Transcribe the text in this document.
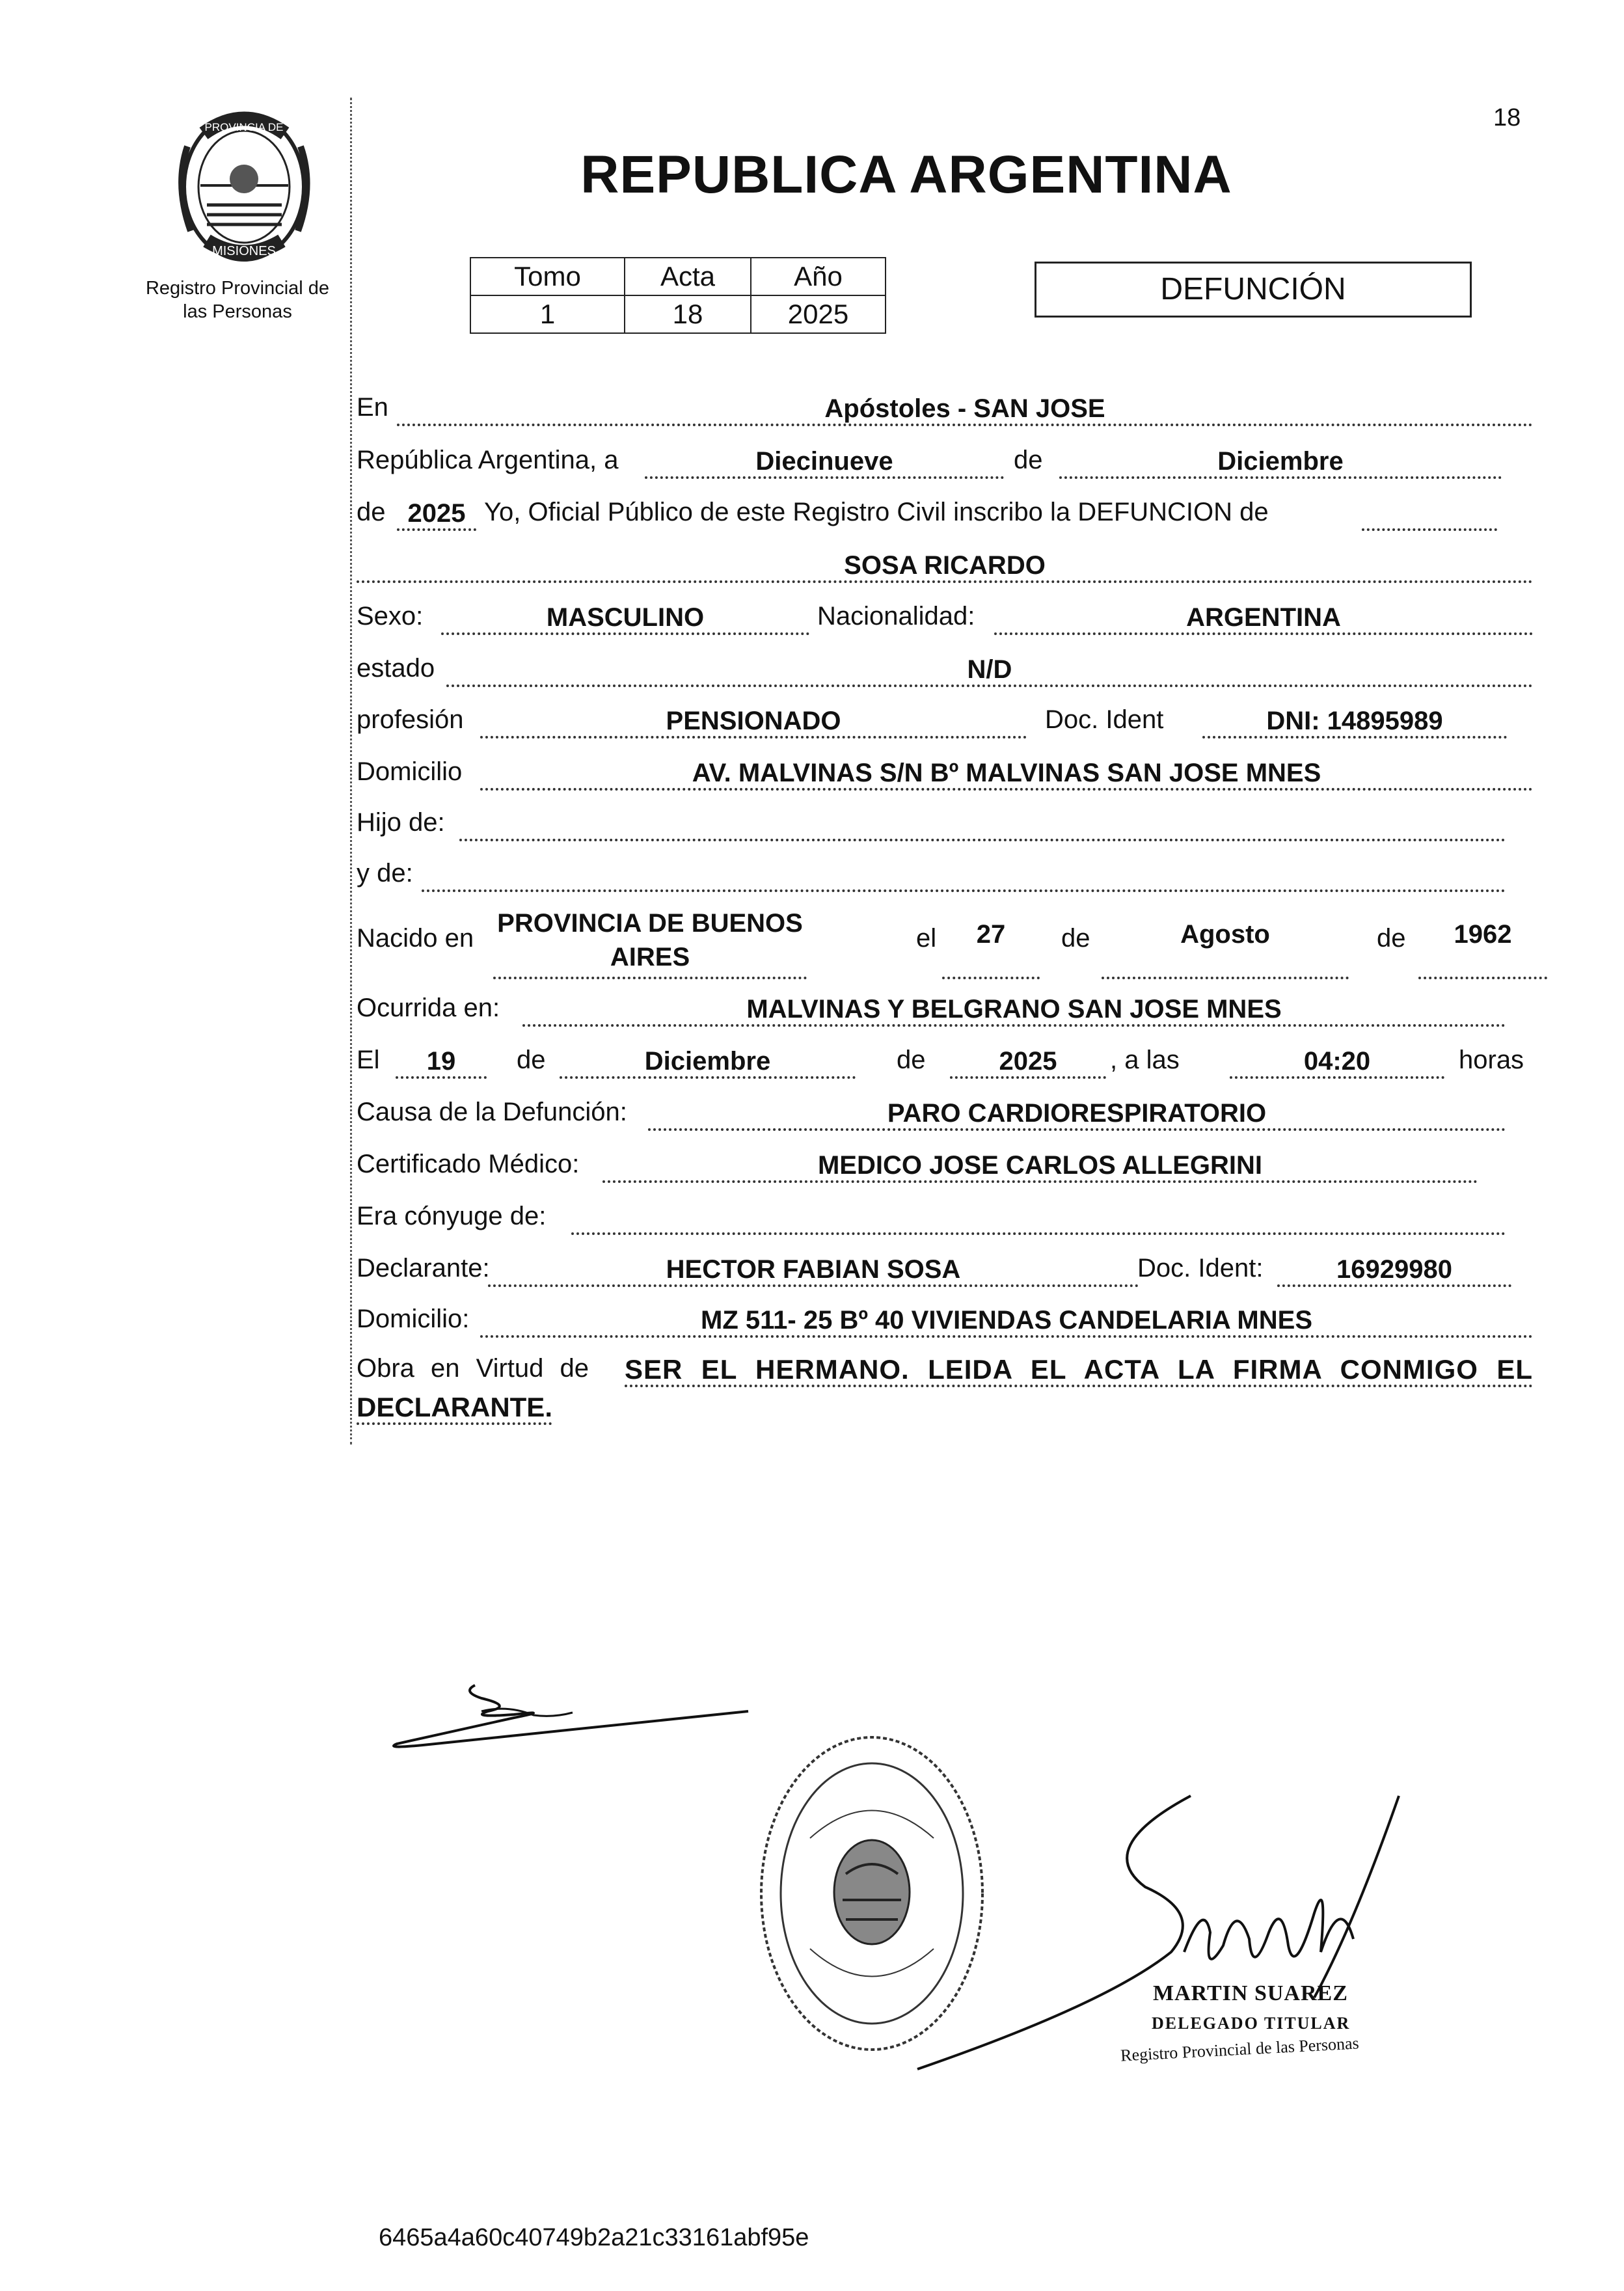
18
PROVINCIA DE
MISIONES
Registro Provincial de
las Personas
REPUBLICA ARGENTINA
Tomo	Acta	Año
1	18	2025
DEFUNCIÓN
En	Apóstoles - SAN JOSE
República Argentina, a	Diecinueve	de	Diciembre
de 2025 Yo, Oficial Público de este Registro Civil inscribo la DEFUNCION de
SOSA RICARDO
Sexo:	MASCULINO	Nacionalidad:	ARGENTINA
estado	N/D
profesión	PENSIONADO	Doc. Ident	DNI: 14895989
Domicilio	AV. MALVINAS S/N Bº MALVINAS SAN JOSE MNES
Hijo de:
y de:
Nacido en
PROVINCIA DE BUENOS
AIRES
el	27	de	Agosto	de	1962
Ocurrida en:	MALVINAS Y BELGRANO SAN JOSE MNES
El	19	de	Diciembre	de	2025	, a las	04:20	horas
Causa de la Defunción:	PARO CARDIORESPIRATORIO
Certificado Médico:	MEDICO JOSE CARLOS ALLEGRINI
Era cónyuge de:
Declarante:	HECTOR FABIAN SOSA	Doc. Ident:	16929980
Domicilio:	MZ 511- 25 Bº 40 VIVIENDAS CANDELARIA MNES
Obra en Virtud de SER EL HERMANO. LEIDA EL ACTA LA FIRMA CONMIGO EL
DECLARANTE.
MARTIN SUAREZ
DELEGADO TITULAR
Registro Provincial de las Personas
6465a4a60c40749b2a21c33161abf95e
